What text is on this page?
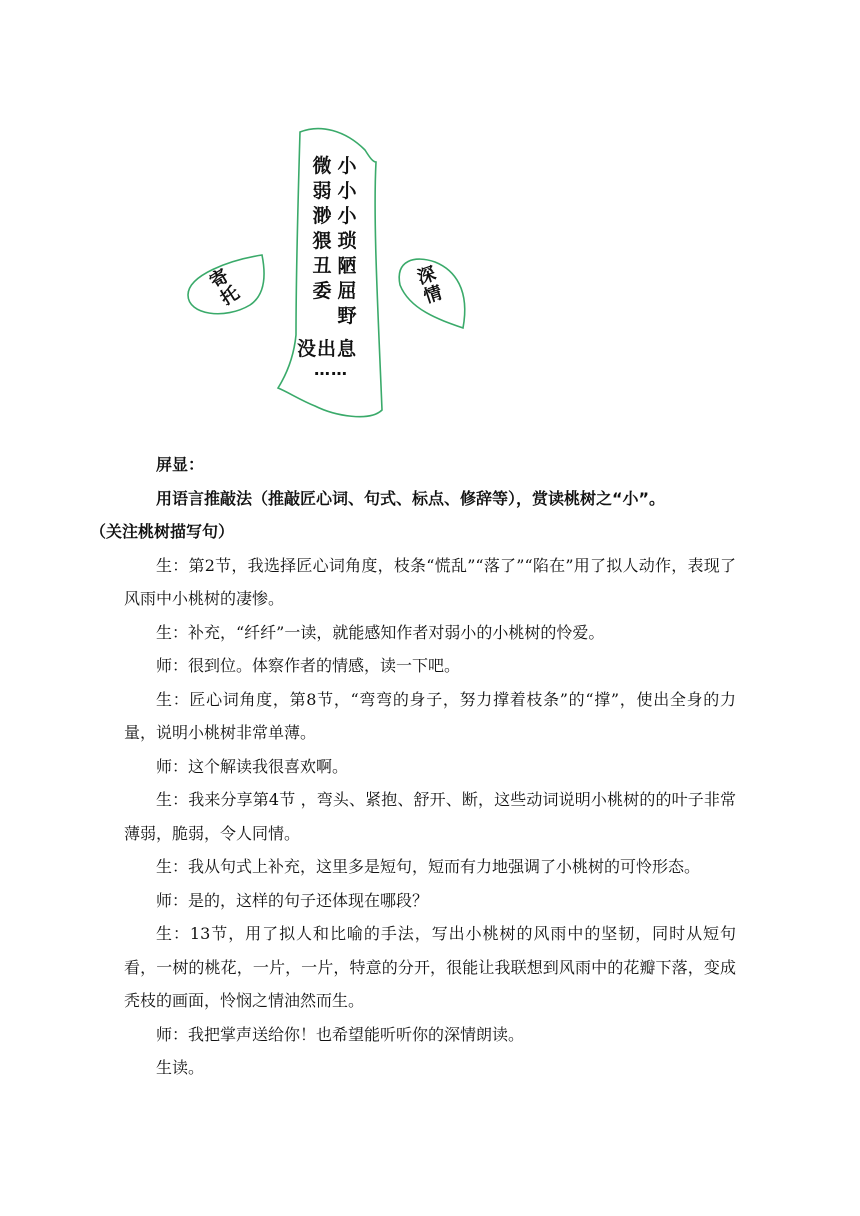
微弱渺猥丑委
小小小琐陋屈野
没出息
……
寄托
深情

屏显：

用语言推敲法（推敲匠心词、句式、标点、修辞等），赏读桃树之“小”。

（关注桃树描写句）

生：第2节，我选择匠心词角度，枝条“慌乱”“落了”“陷在”用了拟人动作，表现了风雨中小桃树的凄惨。

生：补充，“纤纤”一读，就能感知作者对弱小的小桃树的怜爱。

师：很到位。体察作者的情感，读一下吧。

生：匠心词角度，第8节，“弯弯的身子，努力撑着枝条”的“撑”，使出全身的力量，说明小桃树非常单薄。

师：这个解读我很喜欢啊。

生：我来分享第4节 ，弯头、紧抱、舒开、断，这些动词说明小桃树的的叶子非常薄弱，脆弱，令人同情。

生：我从句式上补充，这里多是短句，短而有力地强调了小桃树的可怜形态。

师：是的，这样的句子还体现在哪段？

生：13节，用了拟人和比喻的手法，写出小桃树的风雨中的坚韧，同时从短句看，一树的桃花，一片，一片，特意的分开，很能让我联想到风雨中的花瓣下落，变成秃枝的画面，怜悯之情油然而生。

师：我把掌声送给你！也希望能听听你的深情朗读。

生读。
